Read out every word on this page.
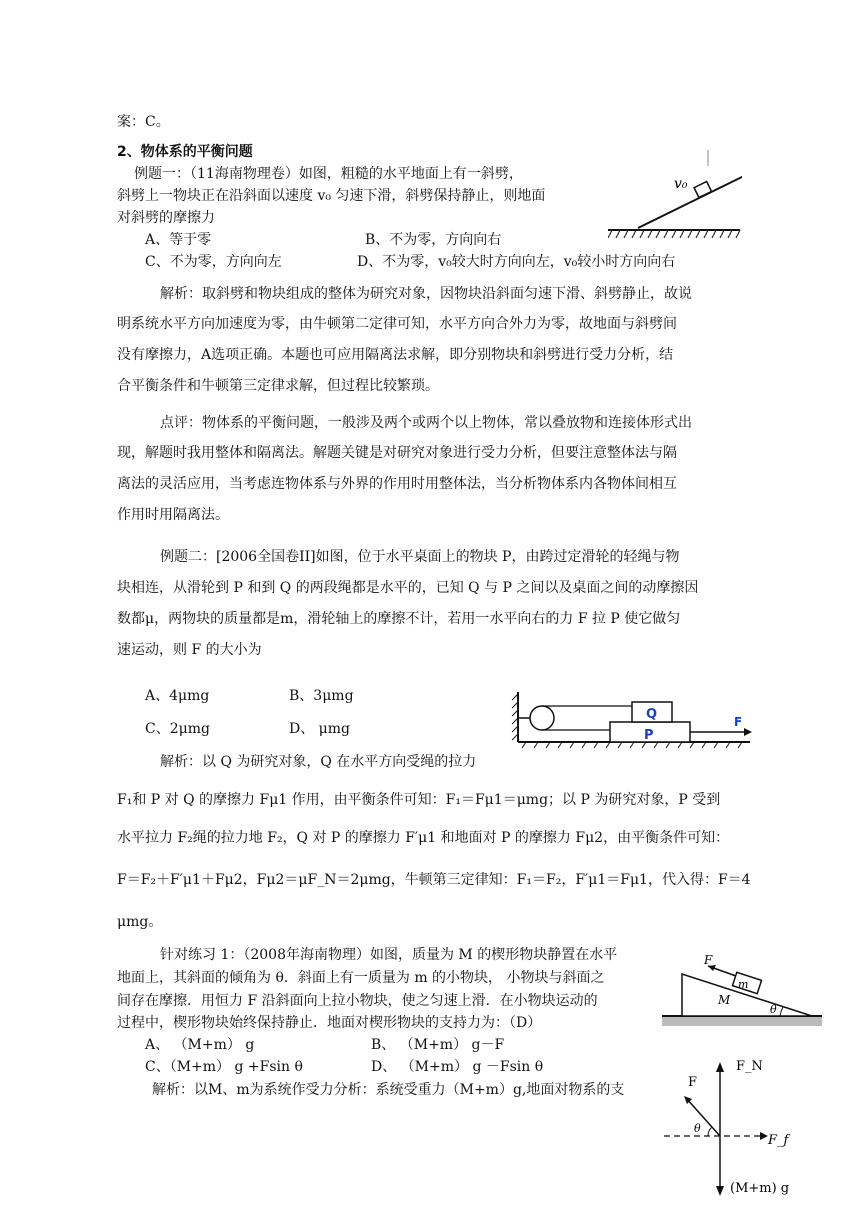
案：C。

2、物体系的平衡问题

例题一：（11海南物理卷）如图，粗糙的水平地面上有一斜劈，

斜劈上一物块正在沿斜面以速度 v₀ 匀速下滑，斜劈保持静止，则地面

对斜劈的摩擦力

A、等于零	B、不为零，方向向右

C、不为零，方向向左	D、不为零，v₀较大时方向向左，v₀较小时方向向右

解析：取斜劈和物块组成的整体为研究对象，因物块沿斜面匀速下滑、斜劈静止，故说

明系统水平方向加速度为零，由牛顿第二定律可知，水平方向合外力为零，故地面与斜劈间

没有摩擦力，A选项正确。本题也可应用隔离法求解，即分别物块和斜劈进行受力分析，结

合平衡条件和牛顿第三定律求解，但过程比较繁琐。

点评：物体系的平衡问题，一般涉及两个或两个以上物体，常以叠放物和连接体形式出

现，解题时我用整体和隔离法。解题关键是对研究对象进行受力分析，但要注意整体法与隔

离法的灵活应用，当考虑连物体系与外界的作用时用整体法，当分析物体系内各物体间相互

作用时用隔离法。

例题二：[2006全国卷II]如图，位于水平桌面上的物块 P，由跨过定滑轮的轻绳与物

块相连，从滑轮到 P 和到 Q 的两段绳都是水平的，已知 Q 与 P 之间以及桌面之间的动摩擦因

数都μ，两物块的质量都是m，滑轮轴上的摩擦不计，若用一水平向右的力 F 拉 P 使它做匀

速运动，则 F 的大小为

A、4μmg	B、3μmg

C、2μmg	D、 μmg

解析：以 Q 为研究对象，Q 在水平方向受绳的拉力

F₁和 P 对 Q 的摩擦力 Fμ1 作用，由平衡条件可知：F₁＝Fμ1＝μmg；以 P 为研究对象，P 受到

水平拉力 F₂绳的拉力地 F₂，Q 对 P 的摩擦力 F′μ1 和地面对 P 的摩擦力 Fμ2，由平衡条件可知：

F＝F₂＋F′μ1＋Fμ2，Fμ2＝μF_N＝2μmg，牛顿第三定律知：F₁＝F₂，F′μ1＝Fμ1，代入得：F＝4

μmg。

针对练习 1：（2008年海南物理）如图，质量为 M 的楔形物块静置在水平

地面上，其斜面的倾角为 θ．斜面上有一质量为 m 的小物块， 小物块与斜面之

间存在摩擦．用恒力 F 沿斜面向上拉小物块，使之匀速上滑．在小物块运动的

过程中，楔形物块始终保持静止．地面对楔形物块的支持力为：（D）

A、 （M+m） g	B、 （M+m） g－F

C、（M+m） g +Fsin θ	D、 （M+m） g －Fsin θ

解析：以M、m为系统作受力分析：系统受重力（M+m）g,地面对物系的支

v₀
Q
P
F
F
m
M
θ
F_N
F
F_f
θ
(M+m) g
